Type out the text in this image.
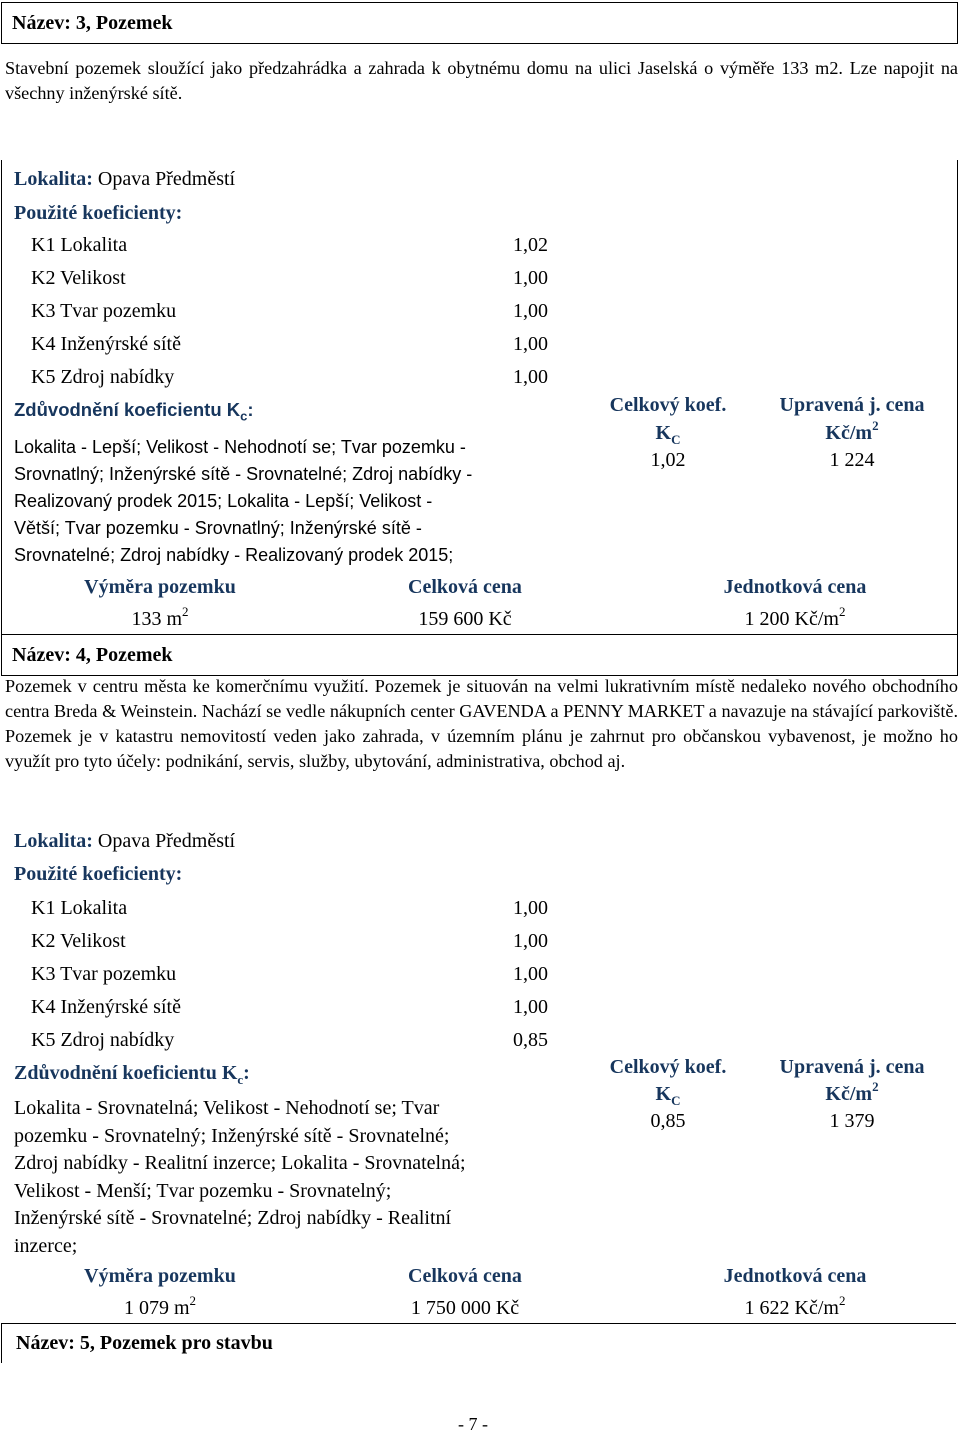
Název: 3, Pozemek
Stavební pozemek sloužící jako předzahrádka a zahrada k obytnému domu na ulici Jaselská o výměře 133 m2. Lze napojit na všechny inženýrské sítě.
Lokalita: Opava Předměstí
Použité koeficienty:
K1 Lokalita	1,02
K2 Velikost	1,00
K3 Tvar pozemku	1,00
K4 Inženýrské sítě	1,00
K5 Zdroj nabídky	1,00
Zdůvodnění koeficientu $K_c$:
Lokalita - Lepší; Velikost - Nehodnotí se; Tvar pozemku -
Srovnatlný; Inženýrské sítě - Srovnatelné; Zdroj nabídky -
Realizovaný prodek 2015; Lokalita - Lepší; Velikost -
Větší; Tvar pozemku - Srovnatlný; Inženýrské sítě -
Srovnatelné; Zdroj nabídky - Realizovaný prodek 2015;
Celkový koef.
$K_C$
1,02
Upravená j. cena
$Kč/m^2$
1 224
Výměra pozemku	Celková cena	Jednotková cena
133 $m^2$	159 600 Kč	1 200 $Kč/m^2$
Název: 4, Pozemek
Pozemek v centru města ke komerčnímu využití. Pozemek je situován na velmi lukrativním místě nedaleko nového obchodního centra Breda & Weinstein. Nachází se vedle nákupních center GAVENDA a PENNY MARKET a navazuje na stávající parkoviště. Pozemek je v katastru nemovitostí veden jako zahrada, v územním plánu je zahrnut pro občanskou vybavenost, je možno ho využít pro tyto účely: podnikání, servis, služby, ubytování, administrativa, obchod aj.
Lokalita: Opava Předměstí
Použité koeficienty:
K1 Lokalita	1,00
K2 Velikost	1,00
K3 Tvar pozemku	1,00
K4 Inženýrské sítě	1,00
K5 Zdroj nabídky	0,85
Zdůvodnění koeficientu $K_c$:
Lokalita - Srovnatelná; Velikost - Nehodnotí se; Tvar
pozemku - Srovnatelný; Inženýrské sítě - Srovnatelné;
Zdroj nabídky - Realitní inzerce; Lokalita - Srovnatelná;
Velikost - Menší; Tvar pozemku - Srovnatelný;
Inženýrské sítě - Srovnatelné; Zdroj nabídky - Realitní
inzerce;
Celkový koef.
$K_C$
0,85
Upravená j. cena
$Kč/m^2$
1 379
Výměra pozemku	Celková cena	Jednotková cena
1 079 $m^2$	1 750 000 Kč	1 622 $Kč/m^2$
Název: 5, Pozemek pro stavbu
- 7 -
